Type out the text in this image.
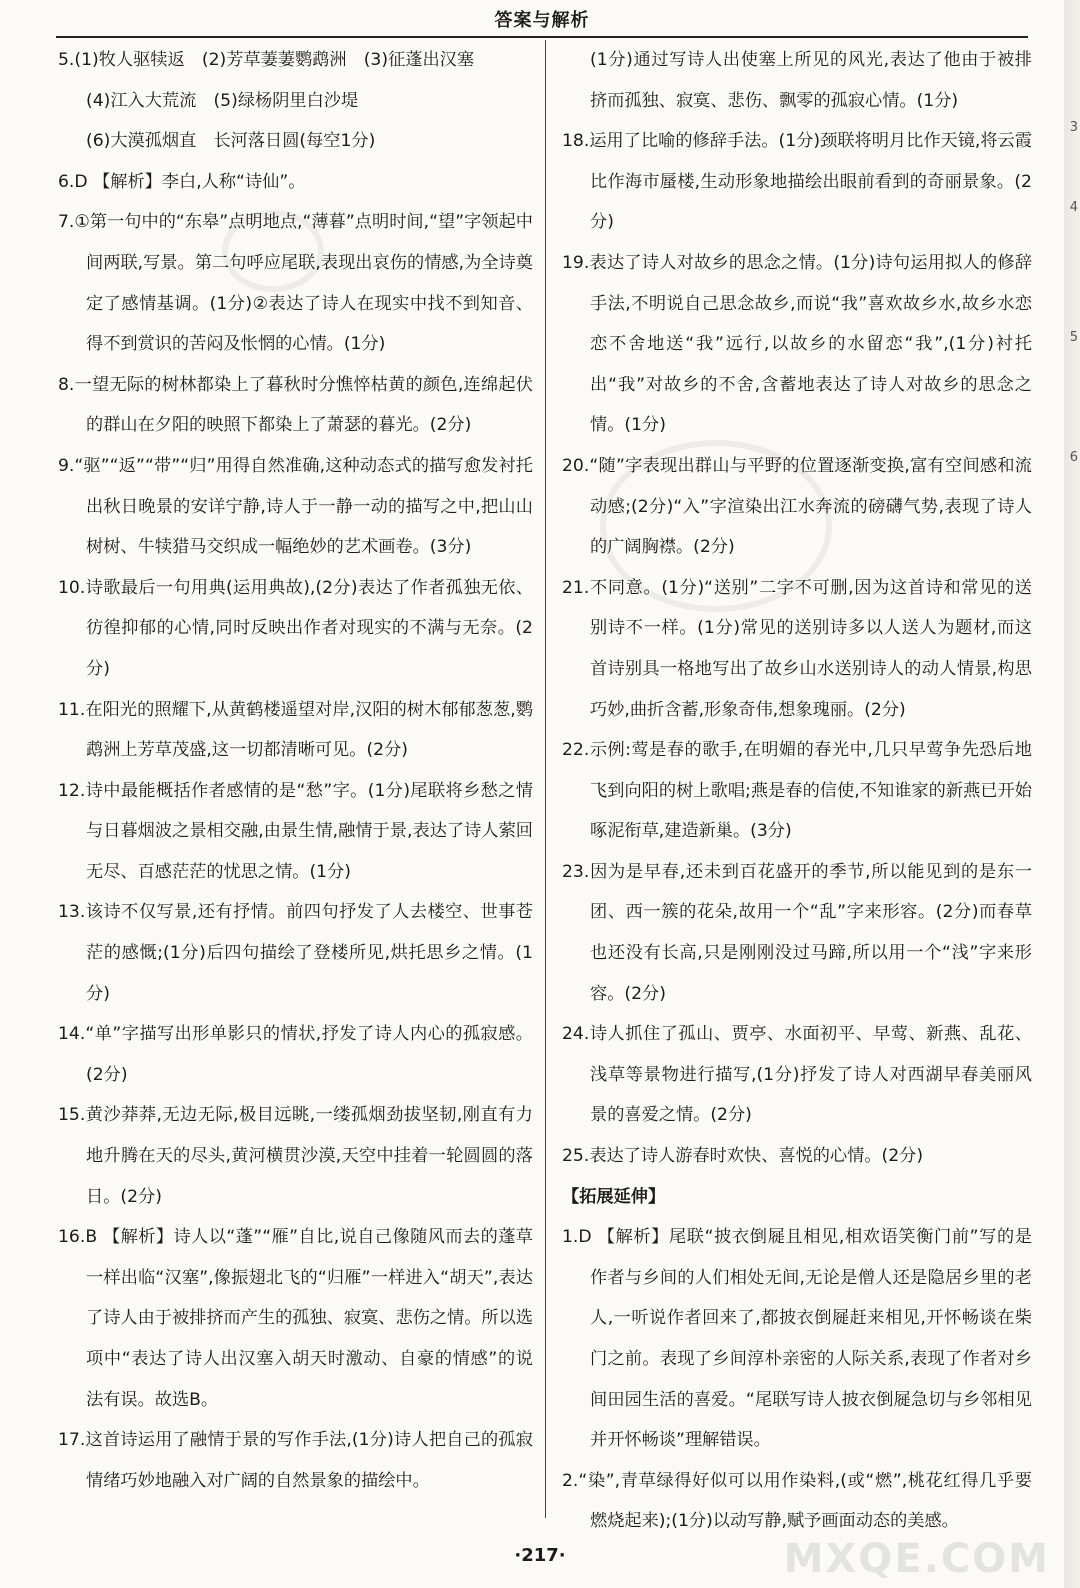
答案与解析

5.(1)牧人驱犊返　(2)芳草萋萋鹦鹉洲　(3)征蓬出汉塞

(4)江入大荒流　(5)绿杨阴里白沙堤

(6)大漠孤烟直　长河落日圆(每空1分)

6.D 【解析】李白,人称“诗仙”。

7.①第一句中的“东皋”点明地点,“薄暮”点明时间,“望”字领起中间两联,写景。第二句呼应尾联,表现出哀伤的情感,为全诗奠定了感情基调。(1分)②表达了诗人在现实中找不到知音、得不到赏识的苦闷及怅惘的心情。(1分)

8.一望无际的树林都染上了暮秋时分憔悴枯黄的颜色,连绵起伏的群山在夕阳的映照下都染上了萧瑟的暮光。(2分)

9.“驱”“返”“带”“归”用得自然准确,这种动态式的描写愈发衬托出秋日晚景的安详宁静,诗人于一静一动的描写之中,把山山树树、牛犊猎马交织成一幅绝妙的艺术画卷。(3分)

10.诗歌最后一句用典(运用典故),(2分)表达了作者孤独无依、彷徨抑郁的心情,同时反映出作者对现实的不满与无奈。(2分)

11.在阳光的照耀下,从黄鹤楼遥望对岸,汉阳的树木郁郁葱葱,鹦鹉洲上芳草茂盛,这一切都清晰可见。(2分)

12.诗中最能概括作者感情的是“愁”字。(1分)尾联将乡愁之情与日暮烟波之景相交融,由景生情,融情于景,表达了诗人萦回无尽、百感茫茫的忧思之情。(1分)

13.该诗不仅写景,还有抒情。前四句抒发了人去楼空、世事苍茫的感慨;(1分)后四句描绘了登楼所见,烘托思乡之情。(1分)

14.“单”字描写出形单影只的情状,抒发了诗人内心的孤寂感。(2分)

15.黄沙莽莽,无边无际,极目远眺,一缕孤烟劲拔坚韧,刚直有力地升腾在天的尽头,黄河横贯沙漠,天空中挂着一轮圆圆的落日。(2分)

16.B 【解析】诗人以“蓬”“雁”自比,说自己像随风而去的蓬草一样出临“汉塞”,像振翅北飞的“归雁”一样进入“胡天”,表达了诗人由于被排挤而产生的孤独、寂寞、悲伤之情。所以选项中“表达了诗人出汉塞入胡天时激动、自豪的情感”的说法有误。故选B。

17.这首诗运用了融情于景的写作手法,(1分)诗人把自己的孤寂情绪巧妙地融入对广阔的自然景象的描绘中。

(1分)通过写诗人出使塞上所见的风光,表达了他由于被排挤而孤独、寂寞、悲伤、飘零的孤寂心情。(1分)

18.运用了比喻的修辞手法。(1分)颈联将明月比作天镜,将云霞比作海市蜃楼,生动形象地描绘出眼前看到的奇丽景象。(2分)

19.表达了诗人对故乡的思念之情。(1分)诗句运用拟人的修辞手法,不明说自己思念故乡,而说“我”喜欢故乡水,故乡水恋恋不舍地送“我”远行,以故乡的水留恋“我”,(1分)衬托出“我”对故乡的不舍,含蓄地表达了诗人对故乡的思念之情。(1分)

20.“随”字表现出群山与平野的位置逐渐变换,富有空间感和流动感;(2分)“入”字渲染出江水奔流的磅礴气势,表现了诗人的广阔胸襟。(2分)

21.不同意。(1分)“送别”二字不可删,因为这首诗和常见的送别诗不一样。(1分)常见的送别诗多以人送人为题材,而这首诗别具一格地写出了故乡山水送别诗人的动人情景,构思巧妙,曲折含蓄,形象奇伟,想象瑰丽。(2分)

22.示例:莺是春的歌手,在明媚的春光中,几只早莺争先恐后地飞到向阳的树上歌唱;燕是春的信使,不知谁家的新燕已开始啄泥衔草,建造新巢。(3分)

23.因为是早春,还未到百花盛开的季节,所以能见到的是东一团、西一簇的花朵,故用一个“乱”字来形容。(2分)而春草也还没有长高,只是刚刚没过马蹄,所以用一个“浅”字来形容。(2分)

24.诗人抓住了孤山、贾亭、水面初平、早莺、新燕、乱花、浅草等景物进行描写,(1分)抒发了诗人对西湖早春美丽风景的喜爱之情。(2分)

25.表达了诗人游春时欢快、喜悦的心情。(2分)

【拓展延伸】

1.D 【解析】尾联“披衣倒屣且相见,相欢语笑衡门前”写的是作者与乡间的人们相处无间,无论是僧人还是隐居乡里的老人,一听说作者回来了,都披衣倒屣赶来相见,开怀畅谈在柴门之前。表现了乡间淳朴亲密的人际关系,表现了作者对乡间田园生活的喜爱。“尾联写诗人披衣倒屣急切与乡邻相见并开怀畅谈”理解错误。

2.“染”,青草绿得好似可以用作染料,(或“燃”,桃花红得几乎要燃烧起来);(1分)以动写静,赋予画面动态的美感。

·217·
3
4
5
6
MXQE.COM
